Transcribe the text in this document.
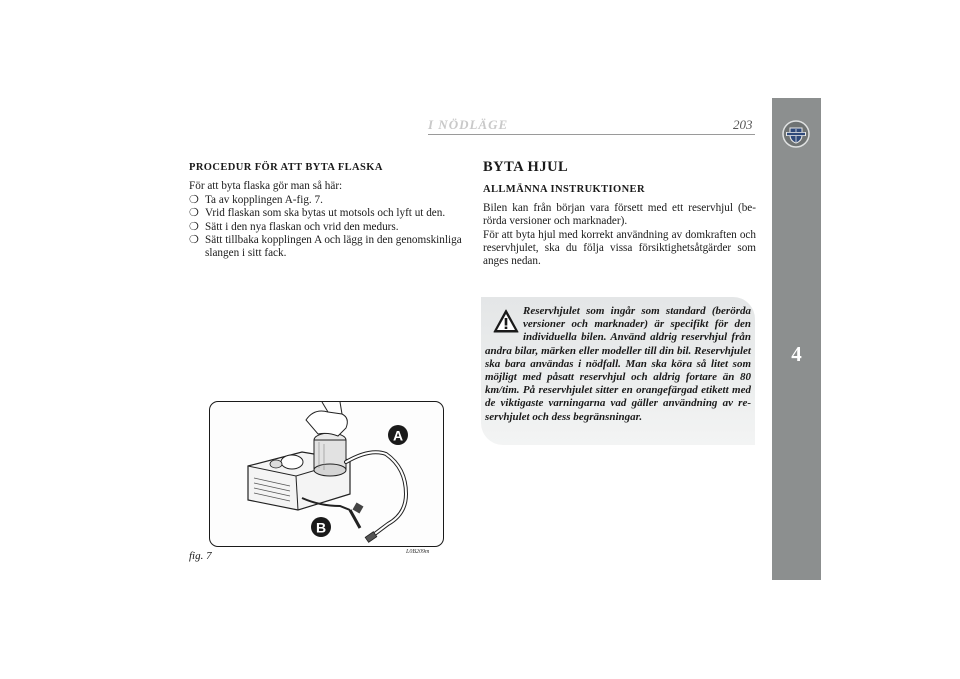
I NÖDLÄGE	203
4
PROCEDUR FÖR ATT BYTA FLASKA
För att byta flaska gör man så här:
❍ Ta av kopplingen A-fig. 7.
❍ Vrid flaskan som ska bytas ut motsols och lyft ut den.
❍ Sätt i den nya flaskan och vrid den medurs.
❍ Sätt tillbaka kopplingen A och lägg in den genomskinliga slangen i sitt fack.
A
B
fig. 7	L0B209m
BYTA HJUL
ALLMÄNNA INSTRUKTIONER
Bilen kan från början vara försett med ett reservhjul (berörda versioner och marknader).
För att byta hjul med korrekt användning av domkraften och reservhjulet, ska du följa vissa försiktighetsåtgärder som anges nedan.
Reservhjulet som ingår som standard (berörda versioner och marknader) är specifikt för den individuella bilen. Använd aldrig reservhjul från andra bilar, märken eller modeller till din bil. Reservhjulet ska bara användas i nödfall. Man ska köra så litet som möjligt med påsatt reservhjul och aldrig fortare än 80 km/tim. På reservhjulet sitter en orangefärgad etikett med de viktigaste varningarna vad gäller användning av reservhjulet och dess begränsningar.
